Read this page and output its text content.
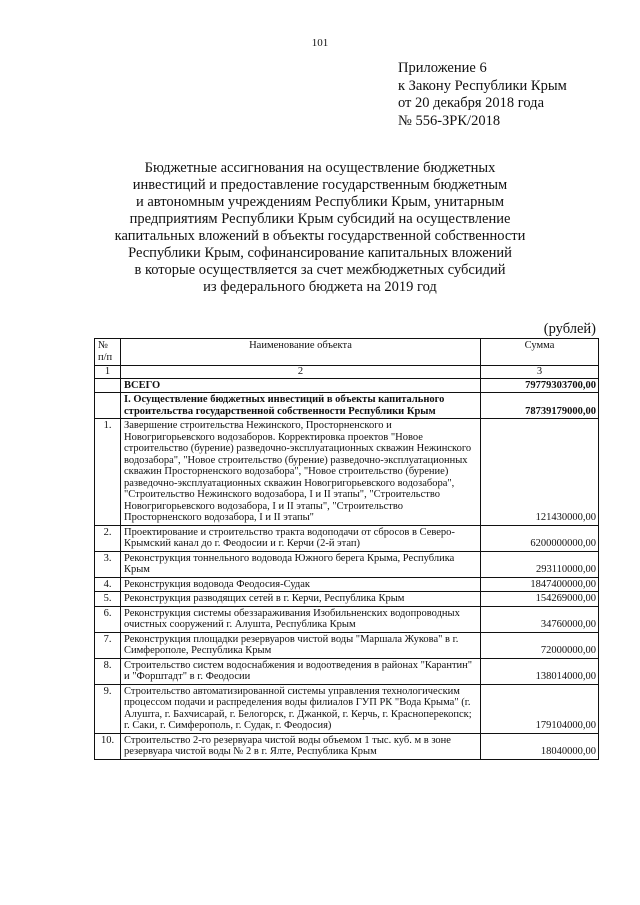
101
Приложение 6
к Закону Республики Крым
от 20 декабря 2018 года
№ 556-ЗРК/2018
Бюджетные ассигнования на осуществление бюджетных
инвестиций и предоставление государственным бюджетным
и автономным учреждениям Республики Крым, унитарным
предприятиям Республики Крым субсидий на осуществление
капитальных вложений в объекты государственной собственности
Республики Крым, софинансирование капитальных вложений
в которые осуществляется за счет межбюджетных субсидий
из федерального бюджета на 2019 год
(рублей)
№ п/п	Наименование объекта	Сумма
1	2	3
	ВСЕГО	79779303700,00
	I. Осуществление бюджетных инвестиций в объекты капитального строительства государственной собственности Республики Крым	78739179000,00
1.	Завершение строительства Нежинского, Просторненского и Новогригорьевского водозаборов. Корректировка проектов "Новое строительство (бурение) разведочно-эксплуатационных скважин Нежинского водозабора", "Новое строительство (бурение) разведочно-эксплуатационных скважин Просторненского водозабора", "Новое строительство (бурение) разведочно-эксплуатационных скважин Новогригорьевского водозабора", "Строительство Нежинского водозабора, I и II этапы", "Строительство Новогригорьевского водозабора, I и II этапы", "Строительство Просторненского водозабора, I и II этапы"	121430000,00
2.	Проектирование и строительство тракта водоподачи от сбросов в Северо-Крымский канал до г. Феодосии и г. Керчи (2-й этап)	6200000000,00
3.	Реконструкция тоннельного водовода Южного берега Крыма, Республика Крым	293110000,00
4.	Реконструкция водовода Феодосия-Судак	1847400000,00
5.	Реконструкция разводящих сетей в г. Керчи, Республика Крым	154269000,00
6.	Реконструкция системы обеззараживания Изобильненских водопроводных очистных сооружений г. Алушта, Республика Крым	34760000,00
7.	Реконструкция площадки резервуаров чистой воды "Маршала Жукова" в г. Симферополе, Республика Крым	72000000,00
8.	Строительство систем водоснабжения и водоотведения в районах "Карантин" и "Форштадт" в г. Феодосии	138014000,00
9.	Строительство автоматизированной системы управления технологическим процессом подачи и распределения воды филиалов ГУП РК "Вода Крыма" (г. Алушта, г. Бахчисарай, г. Белогорск, г. Джанкой, г. Керчь, г. Красноперекопск; г. Саки, г. Симферополь, г. Судак, г. Феодосия)	179104000,00
10.	Строительство 2-го резервуара чистой воды объемом 1 тыс. куб. м в зоне резервуара чистой воды № 2 в г. Ялте, Республика Крым	18040000,00
